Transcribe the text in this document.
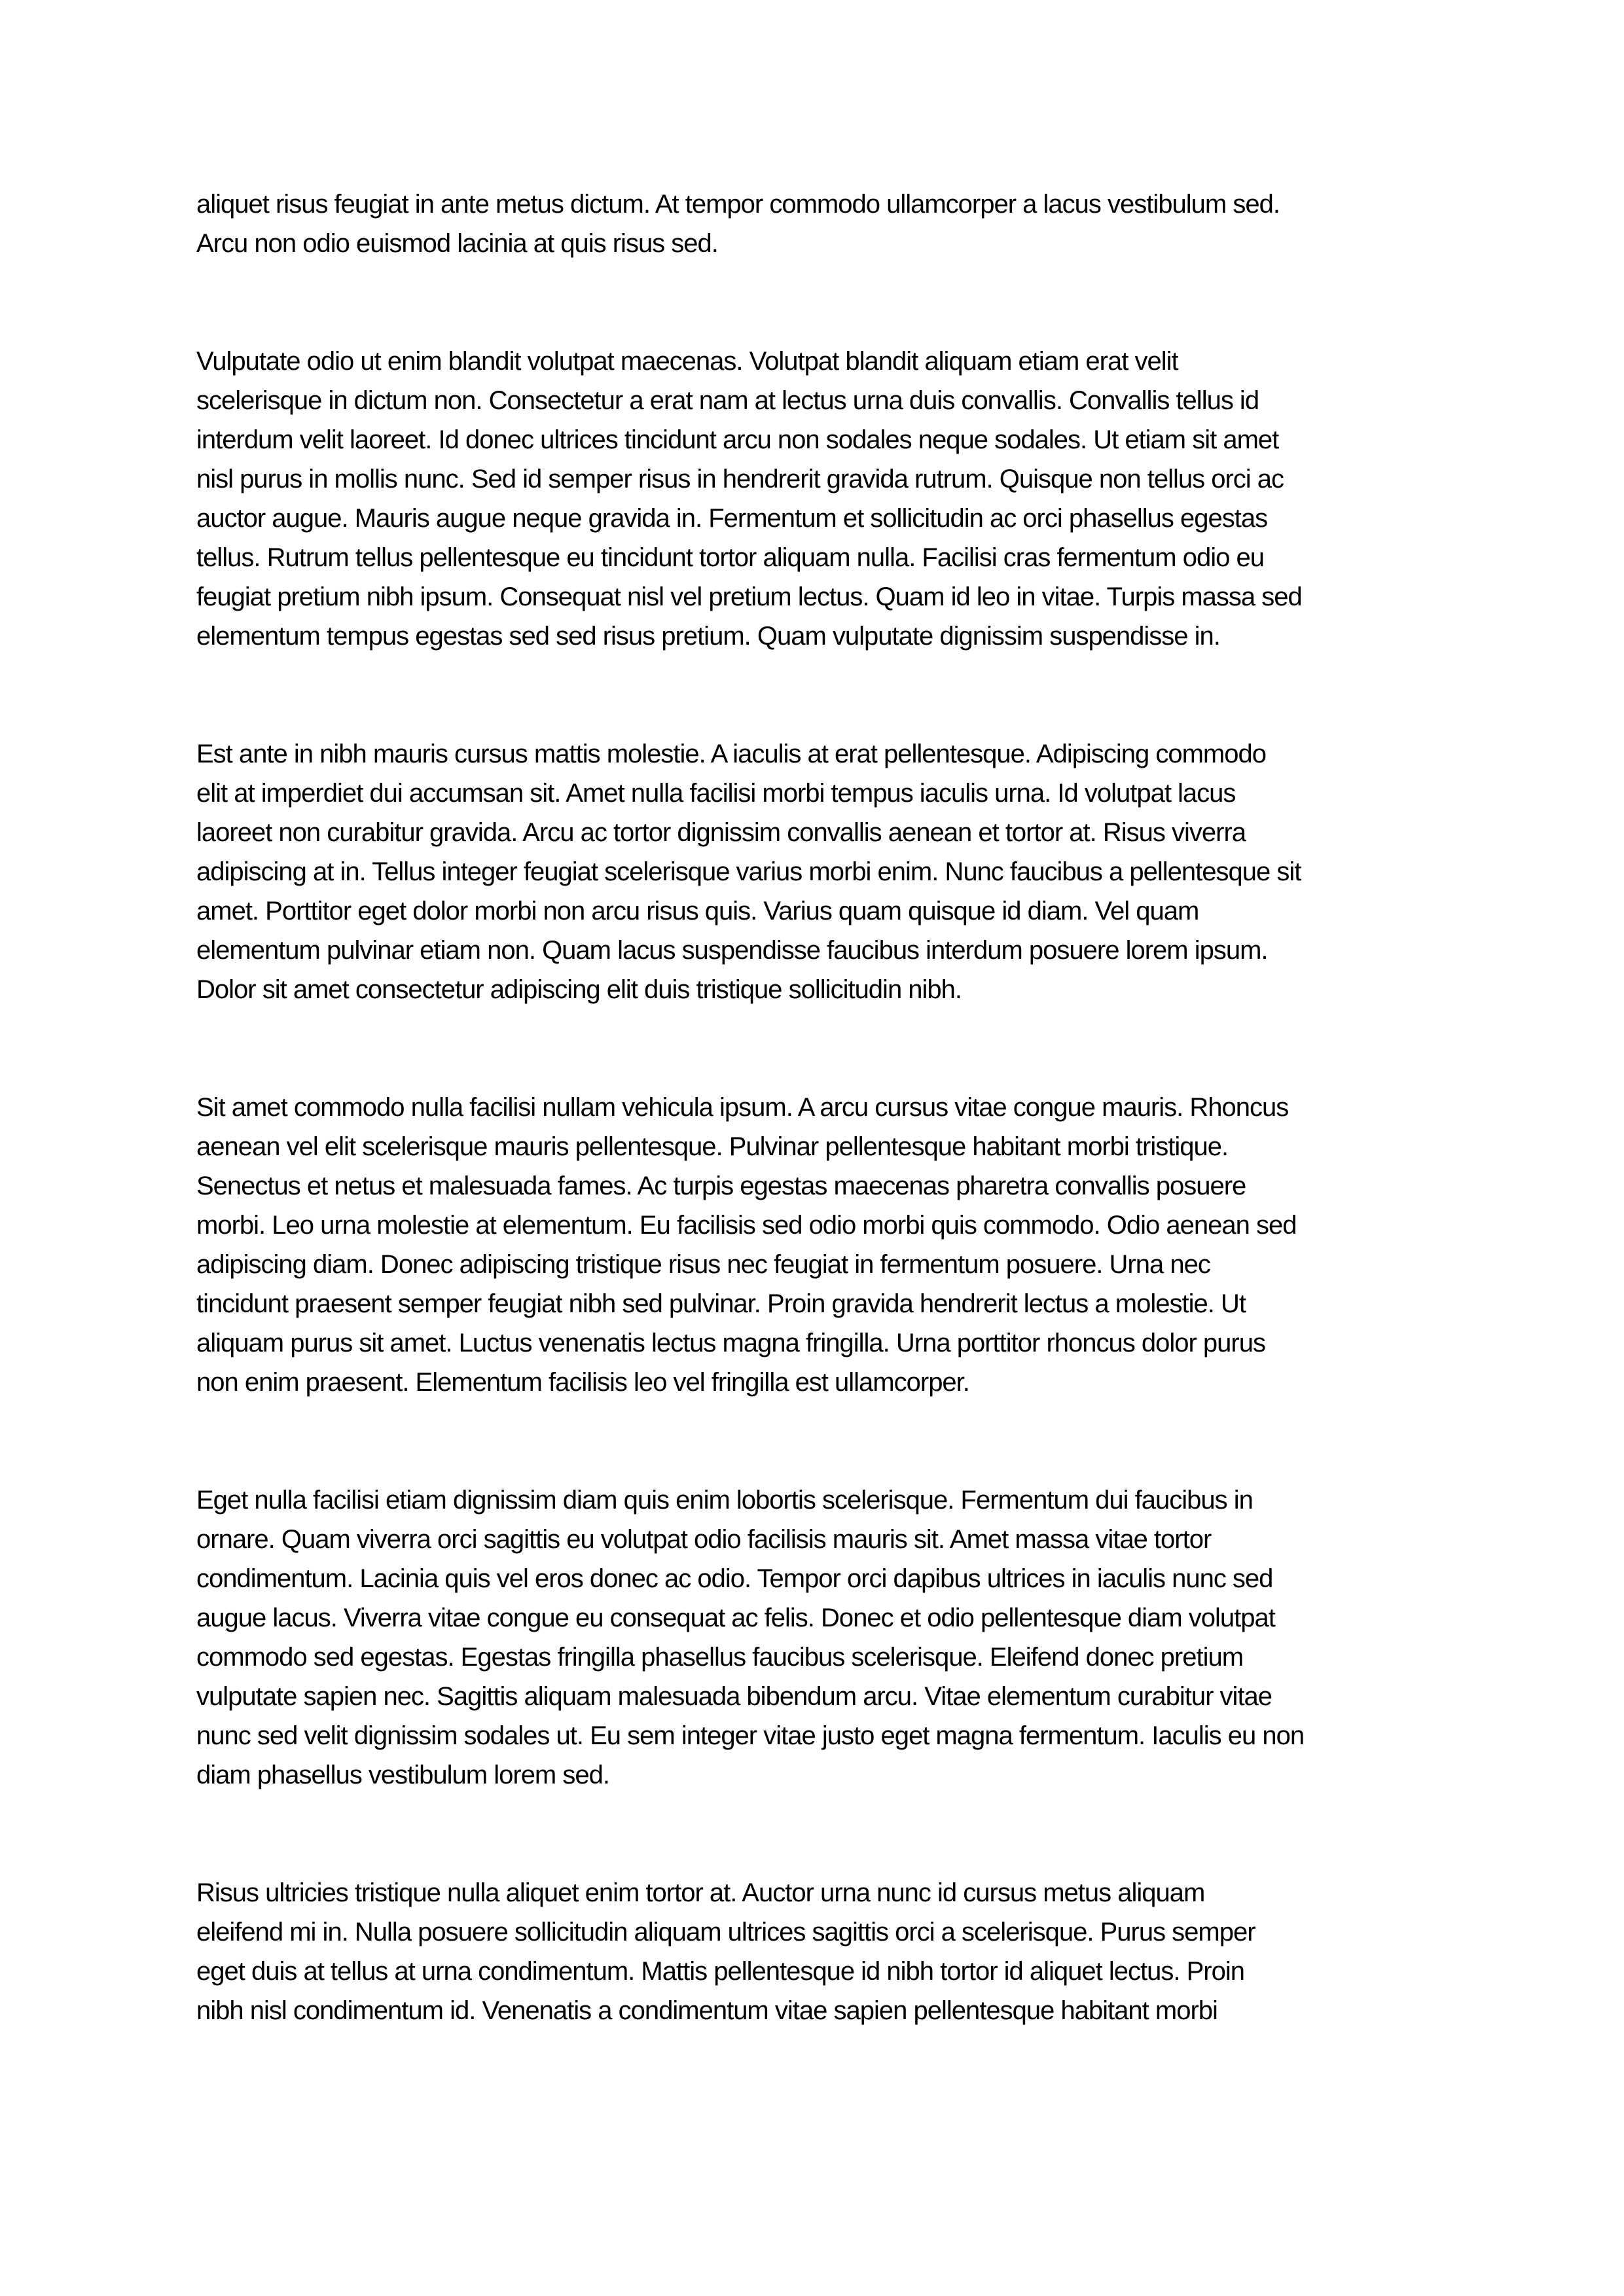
aliquet risus feugiat in ante metus dictum. At tempor commodo ullamcorper a lacus vestibulum sed.
Arcu non odio euismod lacinia at quis risus sed.
Vulputate odio ut enim blandit volutpat maecenas. Volutpat blandit aliquam etiam erat velit
scelerisque in dictum non. Consectetur a erat nam at lectus urna duis convallis. Convallis tellus id
interdum velit laoreet. Id donec ultrices tincidunt arcu non sodales neque sodales. Ut etiam sit amet
nisl purus in mollis nunc. Sed id semper risus in hendrerit gravida rutrum. Quisque non tellus orci ac
auctor augue. Mauris augue neque gravida in. Fermentum et sollicitudin ac orci phasellus egestas
tellus. Rutrum tellus pellentesque eu tincidunt tortor aliquam nulla. Facilisi cras fermentum odio eu
feugiat pretium nibh ipsum. Consequat nisl vel pretium lectus. Quam id leo in vitae. Turpis massa sed
elementum tempus egestas sed sed risus pretium. Quam vulputate dignissim suspendisse in.
Est ante in nibh mauris cursus mattis molestie. A iaculis at erat pellentesque. Adipiscing commodo
elit at imperdiet dui accumsan sit. Amet nulla facilisi morbi tempus iaculis urna. Id volutpat lacus
laoreet non curabitur gravida. Arcu ac tortor dignissim convallis aenean et tortor at. Risus viverra
adipiscing at in. Tellus integer feugiat scelerisque varius morbi enim. Nunc faucibus a pellentesque sit
amet. Porttitor eget dolor morbi non arcu risus quis. Varius quam quisque id diam. Vel quam
elementum pulvinar etiam non. Quam lacus suspendisse faucibus interdum posuere lorem ipsum.
Dolor sit amet consectetur adipiscing elit duis tristique sollicitudin nibh.
Sit amet commodo nulla facilisi nullam vehicula ipsum. A arcu cursus vitae congue mauris. Rhoncus
aenean vel elit scelerisque mauris pellentesque. Pulvinar pellentesque habitant morbi tristique.
Senectus et netus et malesuada fames. Ac turpis egestas maecenas pharetra convallis posuere
morbi. Leo urna molestie at elementum. Eu facilisis sed odio morbi quis commodo. Odio aenean sed
adipiscing diam. Donec adipiscing tristique risus nec feugiat in fermentum posuere. Urna nec
tincidunt praesent semper feugiat nibh sed pulvinar. Proin gravida hendrerit lectus a molestie. Ut
aliquam purus sit amet. Luctus venenatis lectus magna fringilla. Urna porttitor rhoncus dolor purus
non enim praesent. Elementum facilisis leo vel fringilla est ullamcorper.
Eget nulla facilisi etiam dignissim diam quis enim lobortis scelerisque. Fermentum dui faucibus in
ornare. Quam viverra orci sagittis eu volutpat odio facilisis mauris sit. Amet massa vitae tortor
condimentum. Lacinia quis vel eros donec ac odio. Tempor orci dapibus ultrices in iaculis nunc sed
augue lacus. Viverra vitae congue eu consequat ac felis. Donec et odio pellentesque diam volutpat
commodo sed egestas. Egestas fringilla phasellus faucibus scelerisque. Eleifend donec pretium
vulputate sapien nec. Sagittis aliquam malesuada bibendum arcu. Vitae elementum curabitur vitae
nunc sed velit dignissim sodales ut. Eu sem integer vitae justo eget magna fermentum. Iaculis eu non
diam phasellus vestibulum lorem sed.
Risus ultricies tristique nulla aliquet enim tortor at. Auctor urna nunc id cursus metus aliquam
eleifend mi in. Nulla posuere sollicitudin aliquam ultrices sagittis orci a scelerisque. Purus semper
eget duis at tellus at urna condimentum. Mattis pellentesque id nibh tortor id aliquet lectus. Proin
nibh nisl condimentum id. Venenatis a condimentum vitae sapien pellentesque habitant morbi
